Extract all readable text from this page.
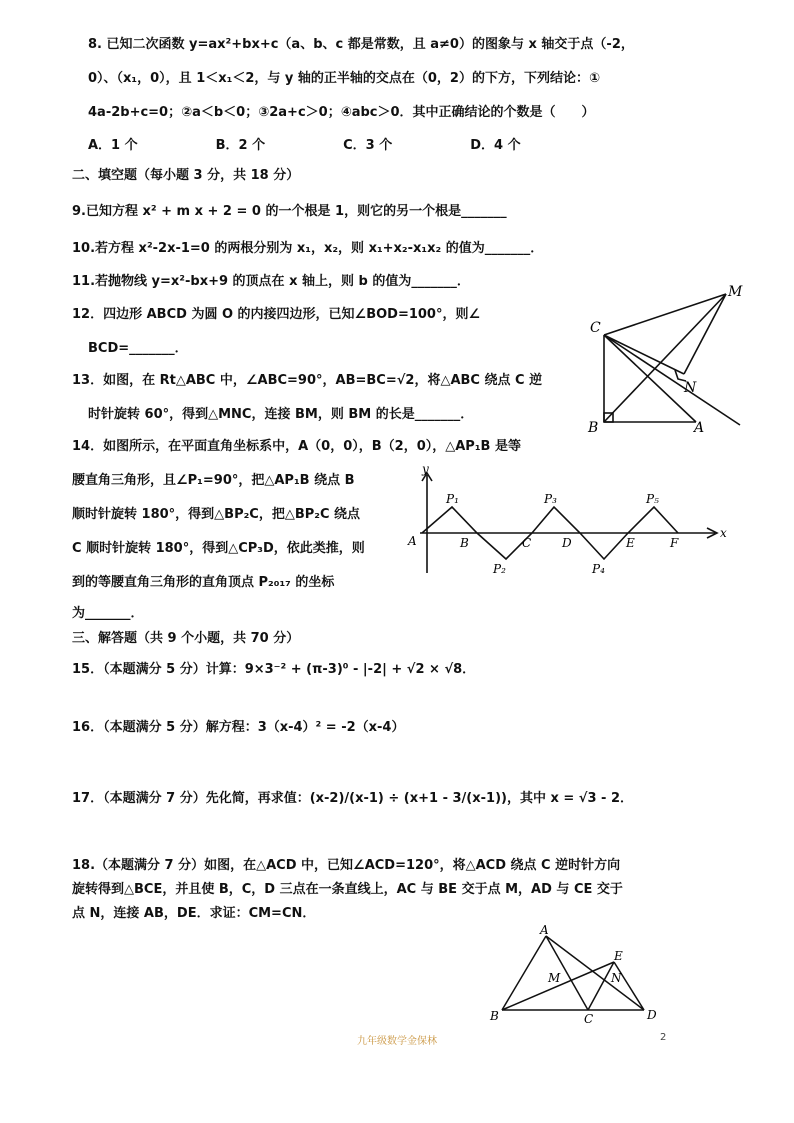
8. 已知二次函数 y=ax²+bx+c（a、b、c 都是常数，且 a≠0）的图象与 x 轴交于点（-2，
0）、（x₁，0），且 1＜x₁＜2，与 y 轴的正半轴的交点在（0，2）的下方，下列结论：①
4a-2b+c=0；②a＜b＜0；③2a+c＞0；④abc＞0．其中正确结论的个数是（　　）
A．1 个　　　　　　B．2 个　　　　　　C．3 个　　　　　　D．4 个
二、填空题（每小题 3 分，共 18 分）
9.已知方程 x² + m x + 2 = 0 的一个根是 1，则它的另一个根是_______
10.若方程 x²-2x-1=0 的两根分别为 x₁，x₂，则 x₁+x₂-x₁x₂ 的值为_______．
11.若抛物线 y=x²-bx+9 的顶点在 x 轴上，则 b 的值为_______．
12．四边形 ABCD 为圆 O 的内接四边形，已知∠BOD=100°，则∠
BCD=_______．
13．如图，在 Rt△ABC 中，∠ABC=90°，AB=BC=√2，将△ABC 绕点 C 逆
时针旋转 60°，得到△MNC，连接 BM，则 BM 的长是_______．
14．如图所示，在平面直角坐标系中，A（0，0），B（2，0），△AP₁B 是等
腰直角三角形，且∠P₁=90°，把△AP₁B 绕点 B
顺时针旋转 180°，得到△BP₂C，把△BP₂C 绕点
C 顺时针旋转 180°，得到△CP₃D，依此类推，则
到的等腰直角三角形的直角顶点 P₂₀₁₇ 的坐标
为_______．
三、解答题（共 9 个小题，共 70 分）
15．（本题满分 5 分）计算：9×3⁻² + (π-3)⁰ - |-2| + √2 × √8．
16．（本题满分 5 分）解方程：3（x-4）² = -2（x-4）
17．（本题满分 7 分）先化简，再求值：(x-2)/(x-1) ÷ (x+1 - 3/(x-1))，其中 x = √3 - 2．
18.（本题满分 7 分）如图，在△ACD 中，已知∠ACD=120°，将△ACD 绕点 C 逆时针方向
旋转得到△BCE，并且使 B，C，D 三点在一条直线上，AC 与 BE 交于点 M，AD 与 CE 交于
点 N，连接 AB，DE．求证：CM=CN．
M
C
N
B	A
y
x
P₁	P₃	P₅
A	B	C	D	E	F
P₂	P₄
A
E
M	N
B	C	D
九年级数学金保林	2
